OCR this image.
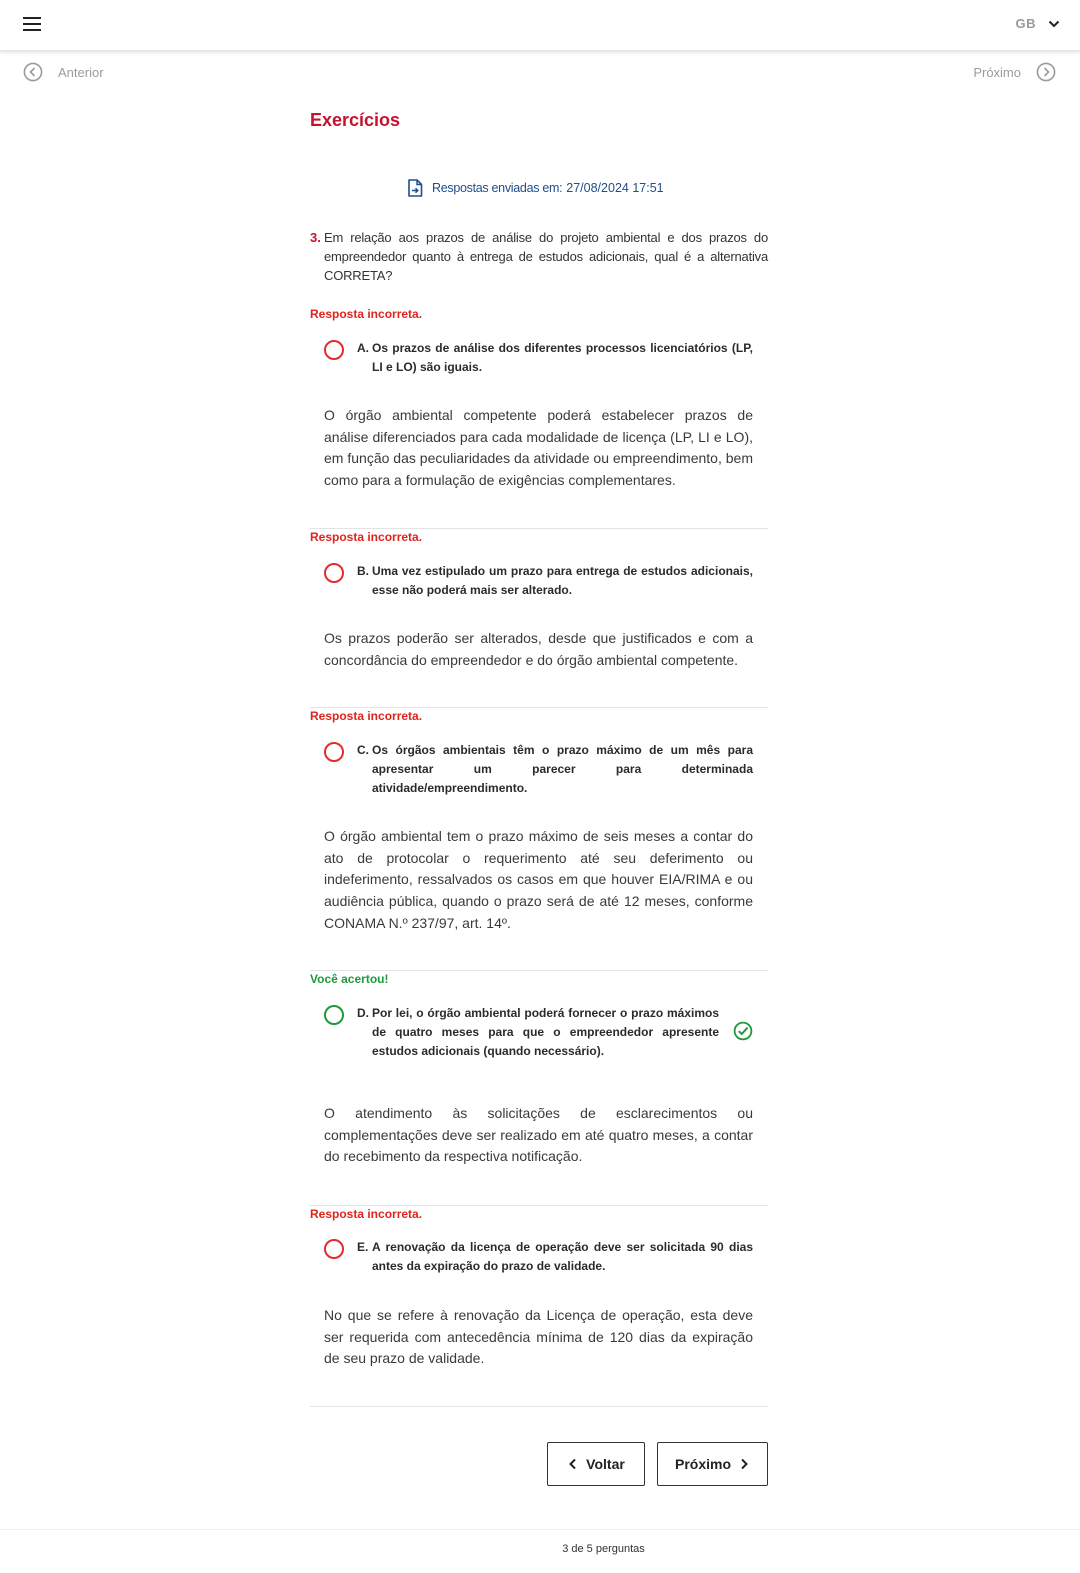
GB
Anterior	Próximo
Exercícios
Respostas enviadas em: 27/08/2024 17:51
3. Em relação aos prazos de análise do projeto ambiental e dos prazos do empreendedor quanto à entrega de estudos adicionais, qual é a alternativa CORRETA?
Resposta incorreta.
A. Os prazos de análise dos diferentes processos licenciatórios (LP, LI e LO) são iguais.
O órgão ambiental competente poderá estabelecer prazos de análise diferenciados para cada modalidade de licença (LP, LI e LO), em função das peculiaridades da atividade ou empreendimento, bem como para a formulação de exigências complementares.
Resposta incorreta.
B. Uma vez estipulado um prazo para entrega de estudos adicionais, esse não poderá mais ser alterado.
Os prazos poderão ser alterados, desde que justificados e com a concordância do empreendedor e do órgão ambiental competente.
Resposta incorreta.
C. Os órgãos ambientais têm o prazo máximo de um mês para apresentar um parecer para determinada atividade/empreendimento.
O órgão ambiental tem o prazo máximo de seis meses a contar do ato de protocolar o requerimento até seu deferimento ou indeferimento, ressalvados os casos em que houver EIA/RIMA e ou audiência pública, quando o prazo será de até 12 meses, conforme CONAMA N.º 237/97, art. 14º.
Você acertou!
D. Por lei, o órgão ambiental poderá fornecer o prazo máximos de quatro meses para que o empreendedor apresente estudos adicionais (quando necessário).
O atendimento às solicitações de esclarecimentos ou complementações deve ser realizado em até quatro meses, a contar do recebimento da respectiva notificação.
Resposta incorreta.
E. A renovação da licença de operação deve ser solicitada 90 dias antes da expiração do prazo de validade.
No que se refere à renovação da Licença de operação, esta deve ser requerida com antecedência mínima de 120 dias da expiração de seu prazo de validade.
Voltar	Próximo
3 de 5 perguntas
